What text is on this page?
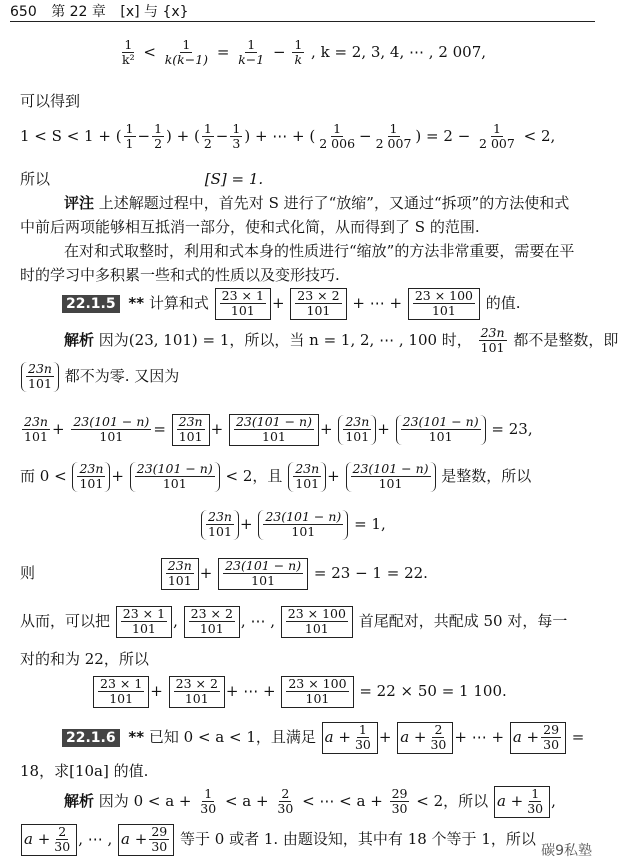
650 第 22 章 [x] 与 {x}
$\frac{1}{\text{k²}} < \frac{1}{k(k-1)} = \frac{1}{k-1} - \frac{1}{k}$ , k = 2, 3, 4, ⋯ , 2 007,
可以得到
1 < S < 1 + ( $\frac{1}{1} - \frac{1}{2}$ ) + ( $\frac{1}{2} - \frac{1}{3}$ ) + ⋯ + ( $\frac{1}{2 006} - \frac{1}{2 007}$ ) = $2 - \frac{1}{2 007} < 2$,
所以	[S] = 1.
评注 上述解题过程中，首先对 S 进行了“放缩”，又通过“拆项”的方法使和式
中前后两项能够相互抵消一部分，使和式化简，从而得到了 S 的范围.
在对和式取整时，利用和式本身的性质进行“缩放”的方法非常重要，需要在平
时的学习中多积累一些和式的性质以及变形技巧.
22.1.5 ** 计算和式 $\frac{23 \times 1}{101} + \frac{23 \times 2}{101}$ + ⋯ + $\frac{23 \times 100}{101}$ 的值.
解析 因为(23, 101) = 1，所以，当 n = 1, 2, ⋯ , 100 时， $\frac{23n}{101}$ 都不是整数，即
$\frac{23n}{101}$ 都不为零. 又因为
$\frac{23n}{101} + \frac{23(101 - n)}{101} = \frac{23n}{101} + \frac{23(101 - n)}{101} + \frac{23n}{101} + \frac{23(101 - n)}{101} = 23$,
而 $0 < \frac{23n}{101} + \frac{23(101 - n)}{101} < 2$，且 $\frac{23n}{101} + \frac{23(101 - n)}{101}$ 是整数，所以
$\frac{23n}{101} + \frac{23(101 - n)}{101} = 1$,
则	$\frac{23n}{101} + \frac{23(101 - n)}{101} = 23 - 1 = 22$.
从而，可以把 $\frac{23 \times 1}{101}$ , $\frac{23 \times 2}{101}$ , ⋯ , $\frac{23 \times 100}{101}$ 首尾配对，共配成 50 对，每一
对的和为 22，所以
$\frac{23 \times 1}{101} + \frac{23 \times 2}{101}$ + ⋯ + $\frac{23 \times 100}{101} = 22 \times 50 = 1$ 100.
22.1.6 ** 已知 0 < a < 1，且满足 $a + \frac{1}{30} + a + \frac{2}{30}$ + ⋯ + $a + \frac{29}{30}$ =
18，求[10a] 的值.
解析 因为 $0 < a + \frac{1}{30} < a + \frac{2}{30}$ < ⋯ < $a + \frac{29}{30} < 2$，所以 $a + \frac{1}{30}$ ,
$a + \frac{2}{30}$ , ⋯ , $a + \frac{29}{30}$ 等于 0 或者 1. 由题设知，其中有 18 个等于 1，所以
碳9私塾
